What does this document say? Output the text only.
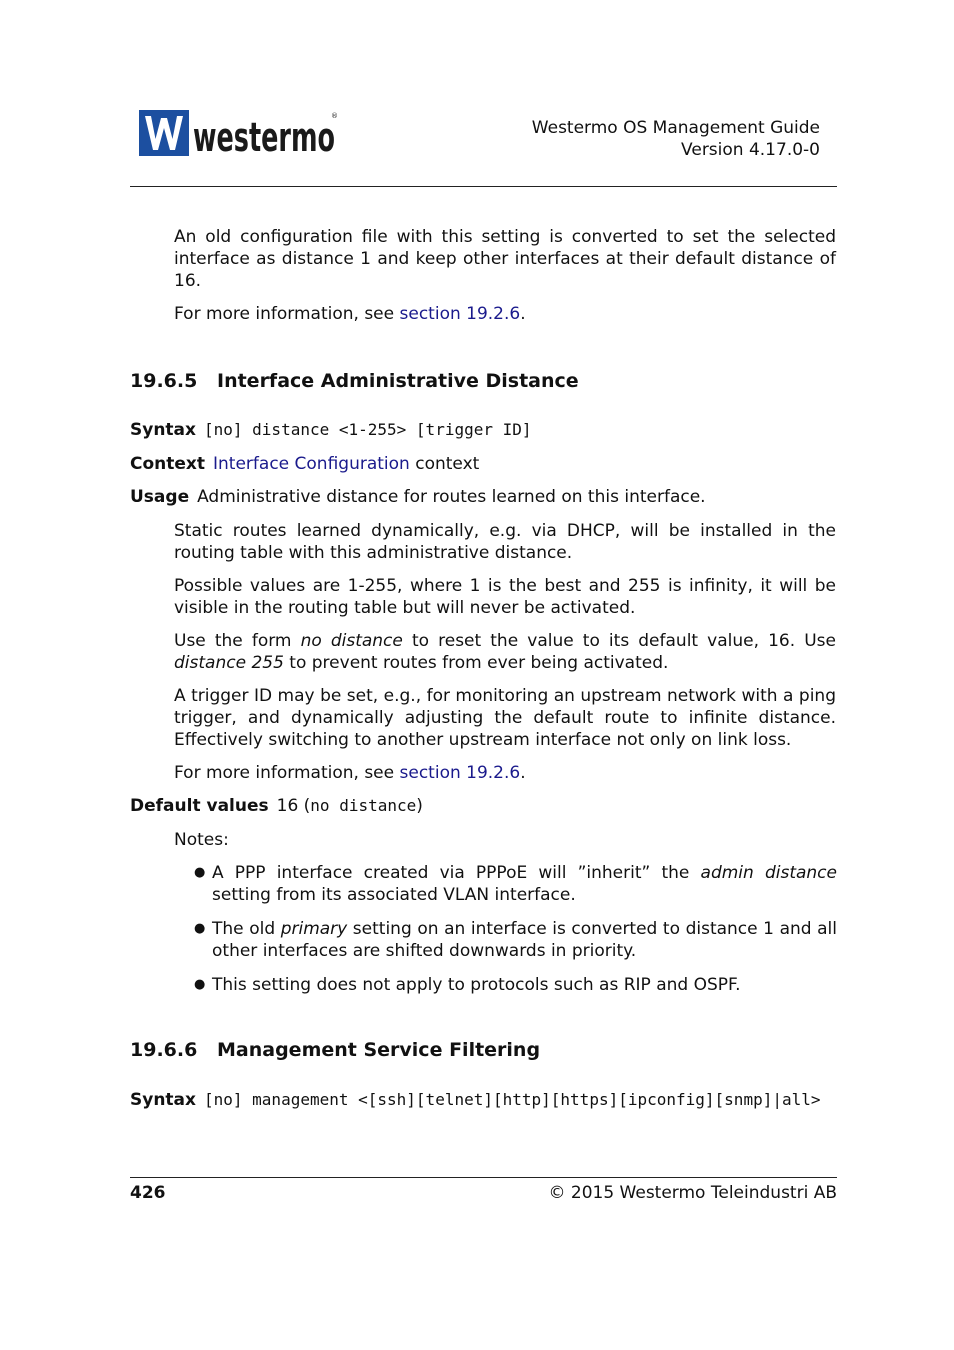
westermo
®
Westermo OS Management Guide
Version 4.17.0-0
An old configuration file with this setting is converted to set the selected interface as distance 1 and keep other interfaces at their default distance of 16.
For more information, see section 19.2.6.
19.6.5 Interface Administrative Distance
Syntax [no] distance <1-255> [trigger ID]
Context Interface Configuration context
Usage Administrative distance for routes learned on this interface.
Static routes learned dynamically, e.g. via DHCP, will be installed in the routing table with this administrative distance.
Possible values are 1-255, where 1 is the best and 255 is infinity, it will be visible in the routing table but will never be activated.
Use the form no distance to reset the value to its default value, 16. Use distance 255 to prevent routes from ever being activated.
A trigger ID may be set, e.g., for monitoring an upstream network with a ping trigger, and dynamically adjusting the default route to infinite distance. Effectively switching to another upstream interface not only on link loss.
For more information, see section 19.2.6.
Default values 16 (no distance)
Notes:
● A PPP interface created via PPPoE will ”inherit” the admin distance setting from its associated VLAN interface.
● The old primary setting on an interface is converted to distance 1 and all other interfaces are shifted downwards in priority.
● This setting does not apply to protocols such as RIP and OSPF.
19.6.6 Management Service Filtering
Syntax [no] management <[ssh][telnet][http][https][ipconfig][snmp]|all>
426	© 2015 Westermo Teleindustri AB
